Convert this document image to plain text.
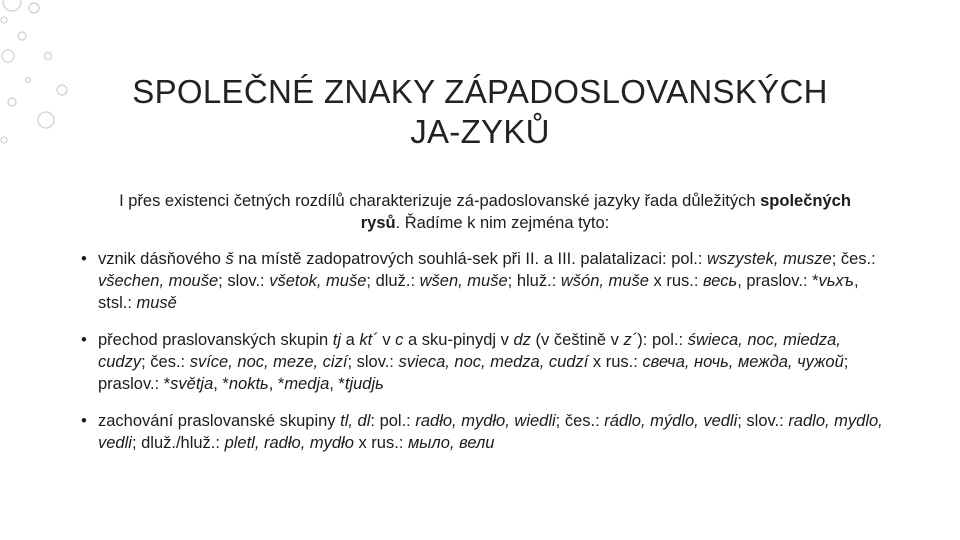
SPOLEČNÉ ZNAKY ZÁPADOSLOVANSKÝCH
JA-ZYKŮ
I přes existenci četných rozdílů charakterizuje zá-padoslovanské jazyky řada důležitých společných rysů. Řadíme k nim zejména tyto:
• vznik dásňového š na místě zadopatrových souhlá-sek při II. a III. palatalizaci: pol.: wszystek, musze; čes.: všechen, mouše; slov.: všetok, muše; dluž.: wšen, muše; hluž.: wšón, muše x rus.: весь, praslov.: *vьхъ, stsl.: musě
• přechod praslovanských skupin tj a kt´ v c a sku-pinydj v dz (v češtině v z´): pol.: świeca, noc, miedza, cudzy; čes.: svíce, noc, meze, cizí; slov.: svieca, noc, medza, cudzí x rus.: свеча, ночь, межда, чужой; praslov.: *světja, *noktь, *medja, *tjudjь
• zachování praslovanské skupiny tl, dl: pol.: radło, mydło, wiedli; čes.: rádlo, mýdlo, vedli; slov.: radlo, mydlo, vedli; dluž./hluž.: pletl, radło, mydło x rus.: мыло, вели
